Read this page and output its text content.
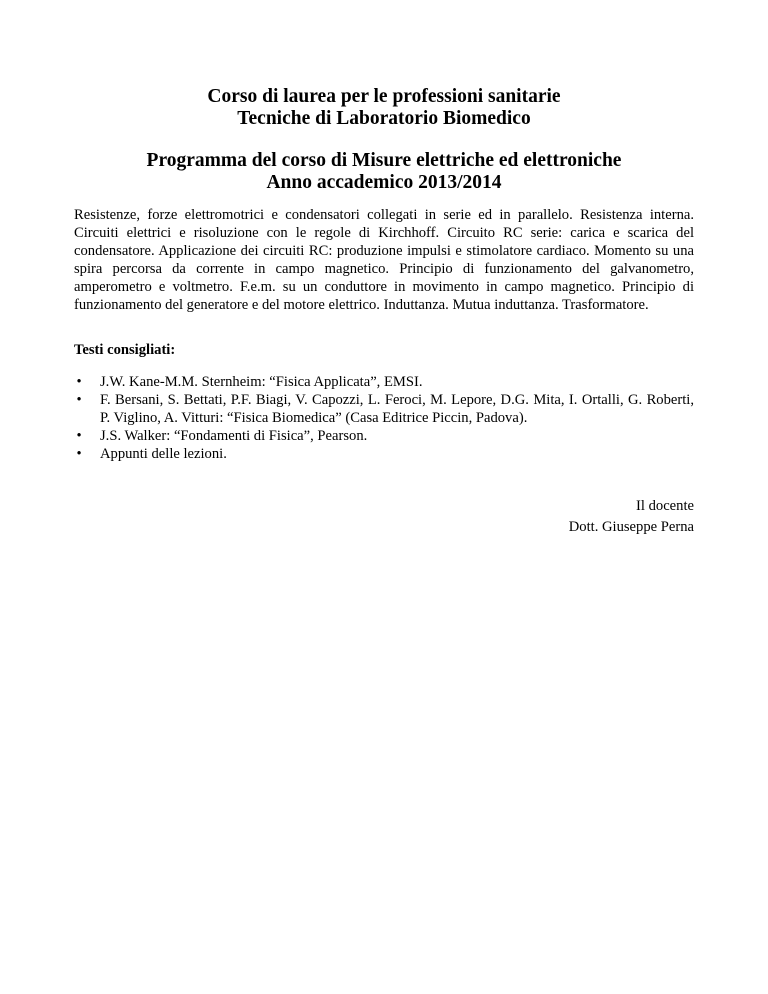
Corso di laurea per le professioni sanitarie

Tecniche di Laboratorio Biomedico

Programma del corso di Misure elettriche ed elettroniche

Anno accademico 2013/2014

Resistenze, forze elettromotrici e condensatori collegati in serie ed in parallelo. Resistenza interna. Circuiti elettrici e risoluzione con le regole di Kirchhoff. Circuito RC serie: carica e scarica del condensatore. Applicazione dei circuiti RC: produzione impulsi e stimolatore cardiaco. Momento su una spira percorsa da corrente in campo magnetico. Principio di funzionamento del galvanometro, amperometro e voltmetro. F.e.m. su un conduttore in movimento in campo magnetico. Principio di funzionamento del generatore e del motore elettrico. Induttanza. Mutua induttanza. Trasformatore.

Testi consigliati:

• J.W. Kane-M.M. Sternheim: “Fisica Applicata”, EMSI.
• F. Bersani, S. Bettati, P.F. Biagi, V. Capozzi, L. Feroci, M. Lepore, D.G. Mita, I. Ortalli, G. Roberti, P. Viglino, A. Vitturi: “Fisica Biomedica” (Casa Editrice Piccin, Padova).
• J.S. Walker: “Fondamenti di Fisica”, Pearson.
• Appunti delle lezioni.
Il docente
Dott. Giuseppe Perna
